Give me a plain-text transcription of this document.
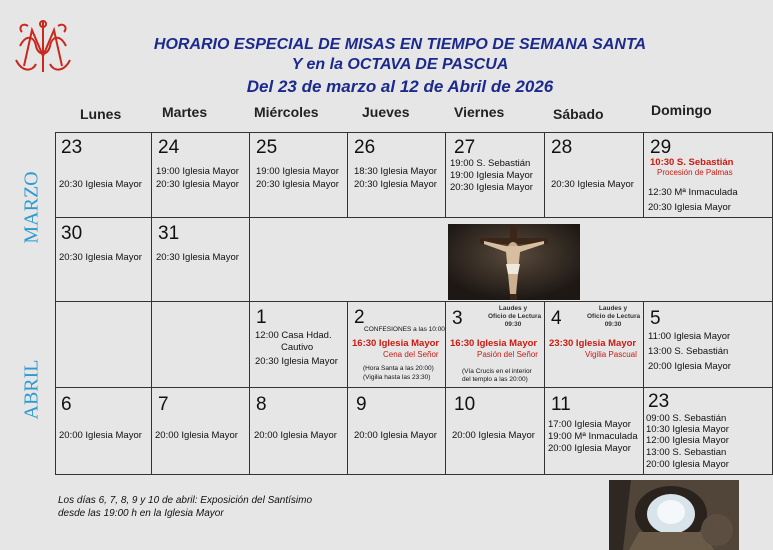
HORARIO ESPECIAL DE MISAS EN TIEMPO DE SEMANA SANTA
Y en la OCTAVA DE PASCUA
Del 23 de marzo al 12 de Abril de 2026
Lunes	Martes	Miércoles	Jueves	Viernes	Sábado	Domingo
MARZO
ABRIL
23
20:30 Iglesia Mayor
24
19:00 Iglesia Mayor
20:30 Iglesia Mayor
25
19:00 Iglesia Mayor
20:30 Iglesia Mayor
26
18:30 Iglesia Mayor
20:30 Iglesia Mayor
27
19:00 S. Sebastián
19:00 Iglesia Mayor
20:30 Iglesia Mayor
28
20:30 Iglesia Mayor
29
10:30 S. Sebastián
Procesión de Palmas
12:30 Mª Inmaculada
20:30 Iglesia Mayor
30
20:30 Iglesia Mayor
31
20:30 Iglesia Mayor
1
12:00 Casa Hdad.
Cautivo
20:30 Iglesia Mayor
2
CONFESIONES a las 10:00
16:30 Iglesia Mayor
Cena del Señor
(Hora Santa a las 20:00)
(Vigilia hasta las 23:30)
3	Laudes y
Oficio de Lectura
09:30
16:30 Iglesia Mayor
Pasión del Señor
(Vía Crucis en el interior
del templo a las 20:00)
4	Laudes y
Oficio de Lectura
09:30
23:30 Iglesia Mayor
Vigilia Pascual
5
11:00 Iglesia Mayor
13:00 S. Sebastián
20:00 Iglesia Mayor
6
20:00 Iglesia Mayor
7
20:00 Iglesia Mayor
8
20:00 Iglesia Mayor
9
20:00 Iglesia Mayor
10
20:00 Iglesia Mayor
11
17:00 Iglesia Mayor
19:00 Mª Inmaculada
20:00 Iglesia Mayor
23
09:00 S. Sebastián
10:30 Iglesia Mayor
12:00 Iglesia Mayor
13:00 S. Sebastian
20:00 Iglesia Mayor
Los días 6, 7, 8, 9 y 10 de abril: Exposición del Santísimo
desde las 19:00 h en la Iglesia Mayor
